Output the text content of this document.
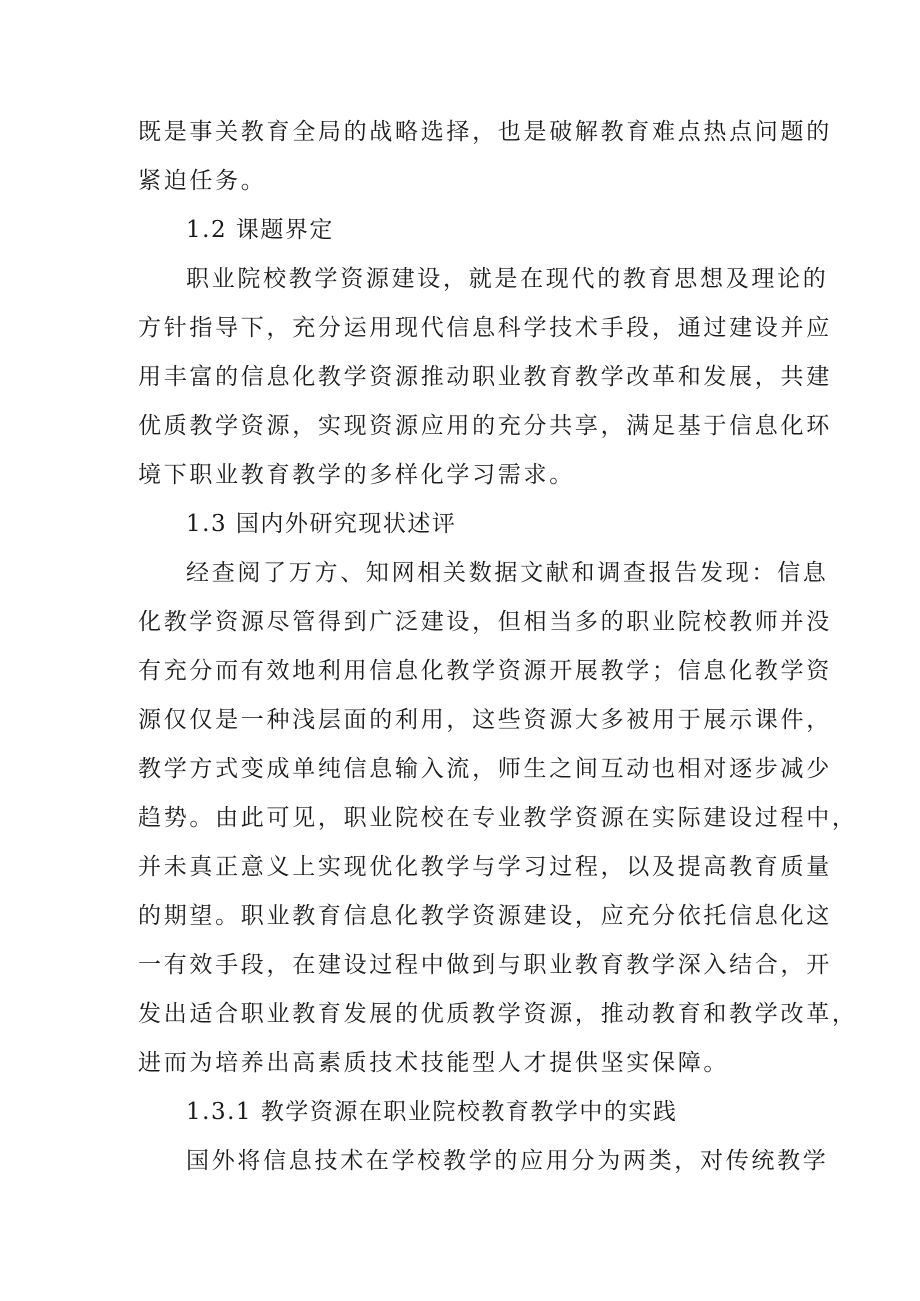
既是事关教育全局的战略选择，也是破解教育难点热点问题的
紧迫任务。
1.2 课题界定
职业院校教学资源建设，就是在现代的教育思想及理论的
方针指导下，充分运用现代信息科学技术手段，通过建设并应
用丰富的信息化教学资源推动职业教育教学改革和发展，共建
优质教学资源，实现资源应用的充分共享，满足基于信息化环
境下职业教育教学的多样化学习需求。
1.3 国内外研究现状述评
经查阅了万方、知网相关数据文献和调查报告发现：信息
化教学资源尽管得到广泛建设，但相当多的职业院校教师并没
有充分而有效地利用信息化教学资源开展教学；信息化教学资
源仅仅是一种浅层面的利用，这些资源大多被用于展示课件，
教学方式变成单纯信息输入流，师生之间互动也相对逐步减少
趋势。由此可见，职业院校在专业教学资源在实际建设过程中，
并未真正意义上实现优化教学与学习过程，以及提高教育质量
的期望。职业教育信息化教学资源建设，应充分依托信息化这
一有效手段，在建设过程中做到与职业教育教学深入结合，开
发出适合职业教育发展的优质教学资源，推动教育和教学改革，
进而为培养出高素质技术技能型人才提供坚实保障。
1.3.1 教学资源在职业院校教育教学中的实践
国外将信息技术在学校教学的应用分为两类，对传统教学
